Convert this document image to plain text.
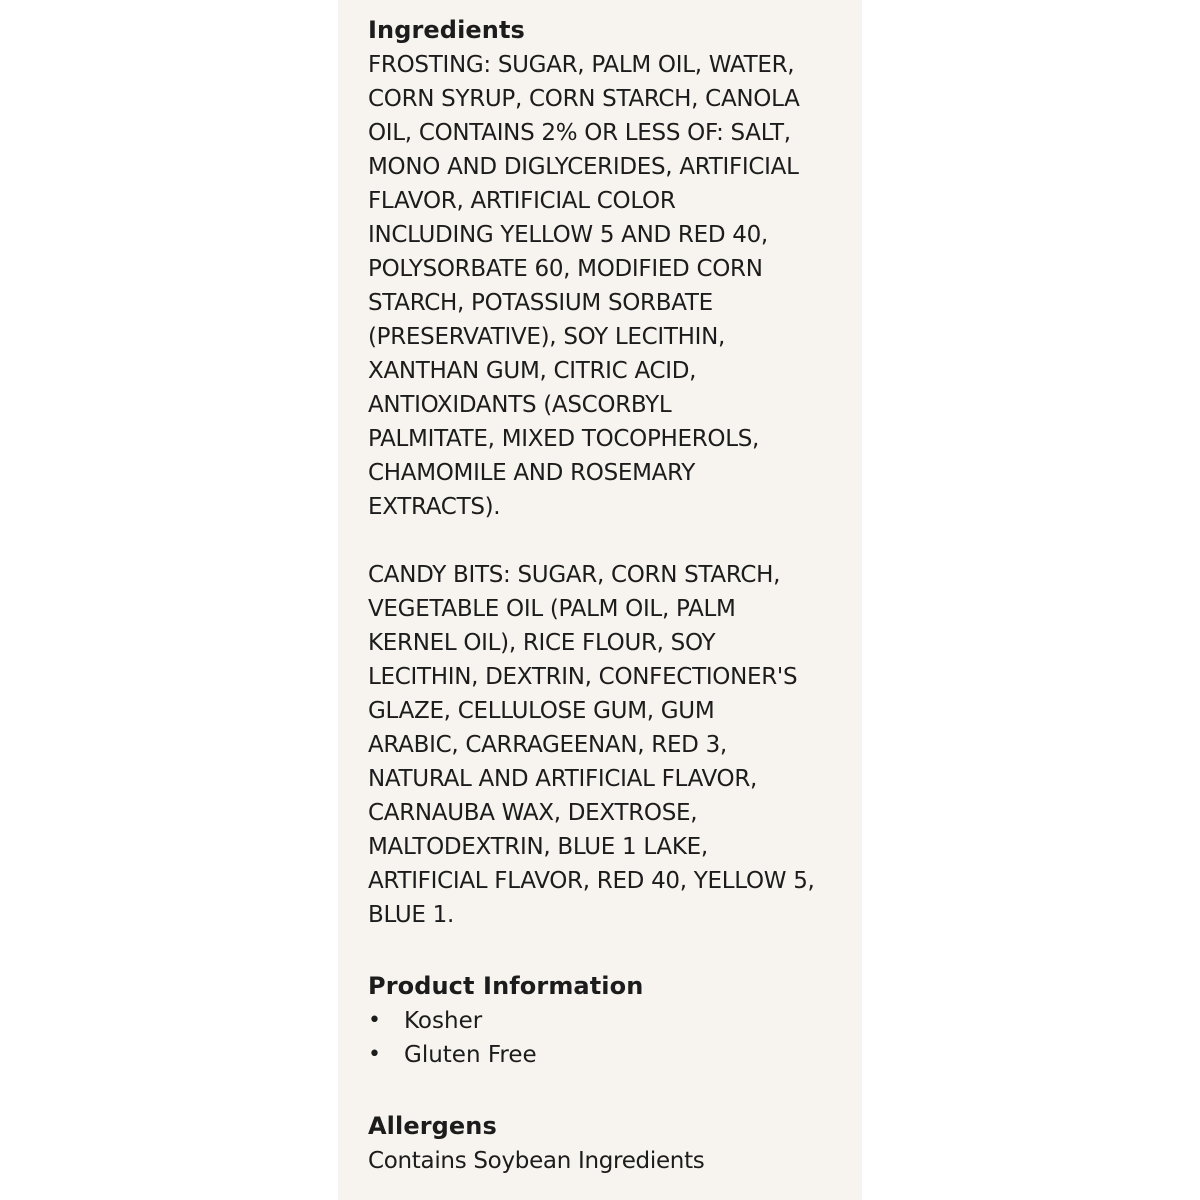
Ingredients

FROSTING: SUGAR, PALM OIL, WATER,
CORN SYRUP, CORN STARCH, CANOLA
OIL, CONTAINS 2% OR LESS OF: SALT,
MONO AND DIGLYCERIDES, ARTIFICIAL
FLAVOR, ARTIFICIAL COLOR
INCLUDING YELLOW 5 AND RED 40,
POLYSORBATE 60, MODIFIED CORN
STARCH, POTASSIUM SORBATE
(PRESERVATIVE), SOY LECITHIN,
XANTHAN GUM, CITRIC ACID,
ANTIOXIDANTS (ASCORBYL
PALMITATE, MIXED TOCOPHEROLS,
CHAMOMILE AND ROSEMARY
EXTRACTS).

CANDY BITS: SUGAR, CORN STARCH,
VEGETABLE OIL (PALM OIL, PALM
KERNEL OIL), RICE FLOUR, SOY
LECITHIN, DEXTRIN, CONFECTIONER'S
GLAZE, CELLULOSE GUM, GUM
ARABIC, CARRAGEENAN, RED 3,
NATURAL AND ARTIFICIAL FLAVOR,
CARNAUBA WAX, DEXTROSE,
MALTODEXTRIN, BLUE 1 LAKE,
ARTIFICIAL FLAVOR, RED 40, YELLOW 5,
BLUE 1.

Product Information
• Kosher
• Gluten Free
Allergens

Contains Soybean Ingredients
